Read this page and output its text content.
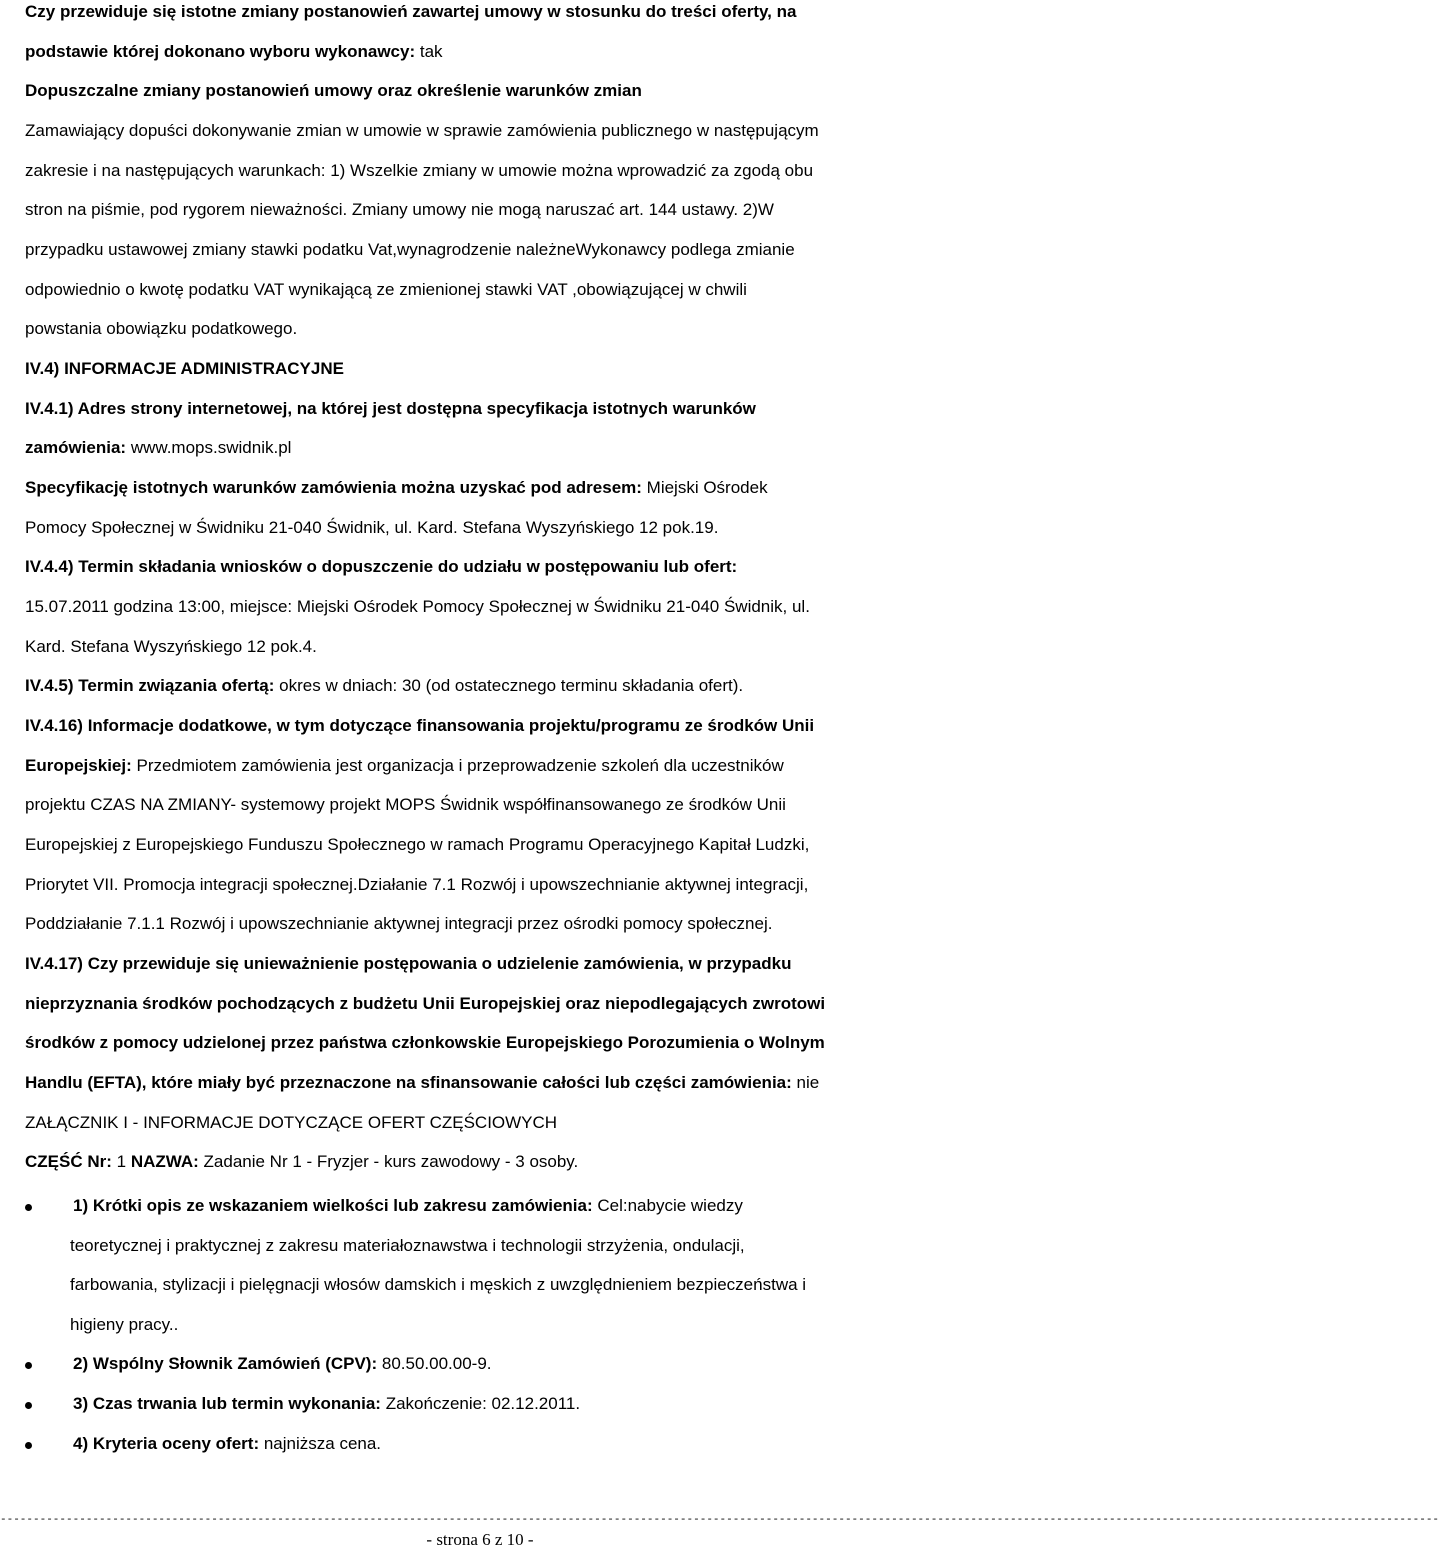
Czy przewiduje się istotne zmiany postanowień zawartej umowy w stosunku do treści oferty, na
podstawie której dokonano wyboru wykonawcy: tak
Dopuszczalne zmiany postanowień umowy oraz określenie warunków zmian
Zamawiający dopuści dokonywanie zmian w umowie w sprawie zamówienia publicznego w następującym
zakresie i na następujących warunkach: 1) Wszelkie zmiany w umowie można wprowadzić za zgodą obu
stron na piśmie, pod rygorem nieważności. Zmiany umowy nie mogą naruszać art. 144 ustawy. 2)W
przypadku ustawowej zmiany stawki podatku Vat,wynagrodzenie należneWykonawcy podlega zmianie
odpowiednio o kwotę podatku VAT wynikającą ze zmienionej stawki VAT ,obowiązującej w chwili
powstania obowiązku podatkowego.
IV.4) INFORMACJE ADMINISTRACYJNE
IV.4.1) Adres strony internetowej, na której jest dostępna specyfikacja istotnych warunków
zamówienia: www.mops.swidnik.pl
Specyfikację istotnych warunków zamówienia można uzyskać pod adresem: Miejski Ośrodek
Pomocy Społecznej w Świdniku 21-040 Świdnik, ul. Kard. Stefana Wyszyńskiego 12 pok.19.
IV.4.4) Termin składania wniosków o dopuszczenie do udziału w postępowaniu lub ofert:
15.07.2011 godzina 13:00, miejsce: Miejski Ośrodek Pomocy Społecznej w Świdniku 21-040 Świdnik, ul.
Kard. Stefana Wyszyńskiego 12 pok.4.
IV.4.5) Termin związania ofertą: okres w dniach: 30 (od ostatecznego terminu składania ofert).
IV.4.16) Informacje dodatkowe, w tym dotyczące finansowania projektu/programu ze środków Unii
Europejskiej: Przedmiotem zamówienia jest organizacja i przeprowadzenie szkoleń dla uczestników
projektu CZAS NA ZMIANY- systemowy projekt MOPS Świdnik współfinansowanego ze środków Unii
Europejskiej z Europejskiego Funduszu Społecznego w ramach Programu Operacyjnego Kapitał Ludzki,
Priorytet VII. Promocja integracji społecznej.Działanie 7.1 Rozwój i upowszechnianie aktywnej integracji,
Poddziałanie 7.1.1 Rozwój i upowszechnianie aktywnej integracji przez ośrodki pomocy społecznej.
IV.4.17) Czy przewiduje się unieważnienie postępowania o udzielenie zamówienia, w przypadku
nieprzyznania środków pochodzących z budżetu Unii Europejskiej oraz niepodlegających zwrotowi
środków z pomocy udzielonej przez państwa członkowskie Europejskiego Porozumienia o Wolnym
Handlu (EFTA), które miały być przeznaczone na sfinansowanie całości lub części zamówienia: nie
ZAŁĄCZNIK I - INFORMACJE DOTYCZĄCE OFERT CZĘŚCIOWYCH
CZĘŚĆ Nr: 1 NAZWA: Zadanie Nr 1 - Fryzjer - kurs zawodowy - 3 osoby.
1) Krótki opis ze wskazaniem wielkości lub zakresu zamówienia: Cel:nabycie wiedzy
teoretycznej i praktycznej z zakresu materiałoznawstwa i technologii strzyżenia, ondulacji,
farbowania, stylizacji i pielęgnacji włosów damskich i męskich z uwzględnieniem bezpieczeństwa i
higieny pracy..
2) Wspólny Słownik Zamówień (CPV): 80.50.00.00-9.
3) Czas trwania lub termin wykonania: Zakończenie: 02.12.2011.
4) Kryteria oceny ofert: najniższa cena.
--------------------------------------------------------------------------------------------------------------------------------------------------------------------------------------------------------------------------
- strona 6 z 10 -
